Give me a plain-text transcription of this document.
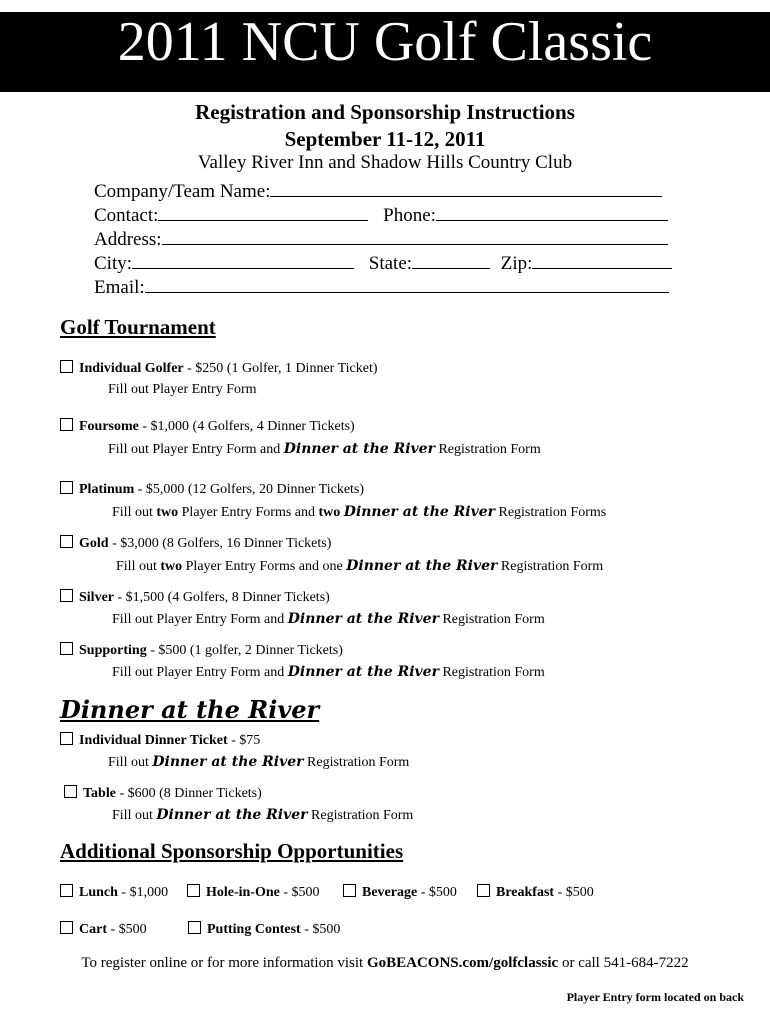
2011 NCU Golf Classic
Registration and Sponsorship Instructions
September 11-12, 2011
Valley River Inn and Shadow Hills Country Club
Company/Team Name:
Contact:	Phone:
Address:
City:	State:	Zip:
Email:
Golf Tournament
Individual Golfer - $250 (1 Golfer, 1 Dinner Ticket)
Fill out Player Entry Form
Foursome - $1,000 (4 Golfers, 4 Dinner Tickets)
Fill out Player Entry Form and Dinner at the River Registration Form
Platinum - $5,000 (12 Golfers, 20 Dinner Tickets)
Fill out two Player Entry Forms and two Dinner at the River Registration Forms
Gold - $3,000 (8 Golfers, 16 Dinner Tickets)
Fill out two Player Entry Forms and one Dinner at the River Registration Form
Silver - $1,500 (4 Golfers, 8 Dinner Tickets)
Fill out Player Entry Form and Dinner at the River Registration Form
Supporting - $500 (1 golfer, 2 Dinner Tickets)
Fill out Player Entry Form and Dinner at the River Registration Form
Dinner at the River
Individual Dinner Ticket - $75
Fill out Dinner at the River Registration Form
Table - $600 (8 Dinner Tickets)
Fill out Dinner at the River Registration Form
Additional Sponsorship Opportunities
Lunch - $1,000	Hole-in-One - $500	Beverage - $500	Breakfast - $500
Cart - $500	Putting Contest - $500
To register online or for more information visit GoBEACONS.com/golfclassic or call 541-684-7222
Player Entry form located on back
